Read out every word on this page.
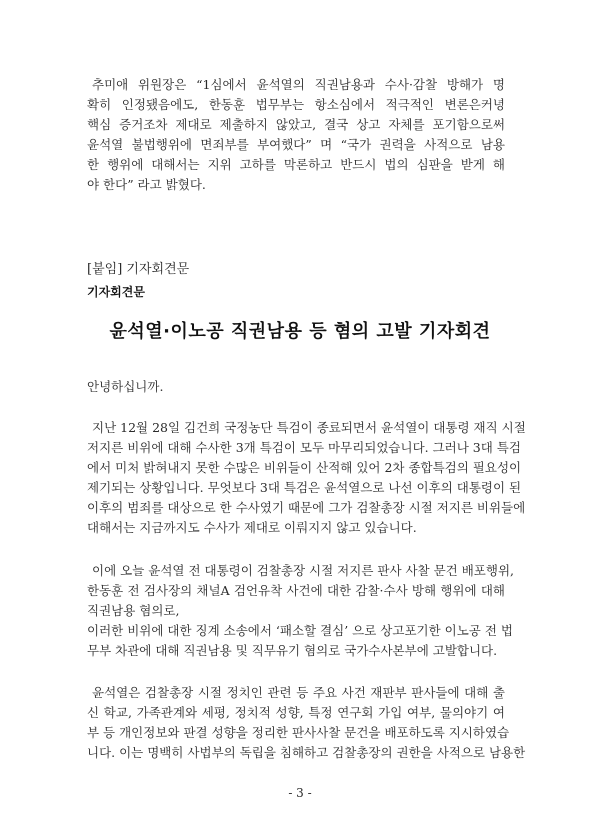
추미애 위원장은 “1심에서 윤석열의 직권남용과 수사·감찰 방해가 명
확히 인정됐음에도, 한동훈 법무부는 항소심에서 적극적인 변론은커녕
핵심 증거조차 제대로 제출하지 않았고, 결국 상고 자체를 포기함으로써
윤석열 불법행위에 면죄부를 부여했다” 며 “국가 권력을 사적으로 남용
한 행위에 대해서는 지위 고하를 막론하고 반드시 법의 심판을 받게 해
야 한다” 라고 밝혔다.
[붙임] 기자회견문
기자회견문
윤석열·이노공 직권남용 등 혐의 고발 기자회견
안녕하십니까.
지난 12월 28일 김건희 국정농단 특검이 종료되면서 윤석열이 대통령 재직 시절
저지른 비위에 대해 수사한 3개 특검이 모두 마무리되었습니다. 그러나 3대 특검
에서 미처 밝혀내지 못한 수많은 비위들이 산적해 있어 2차 종합특검의 필요성이
제기되는 상황입니다. 무엇보다 3대 특검은 윤석열으로 나선 이후의 대통령이 된
이후의 범죄를 대상으로 한 수사였기 때문에 그가 검찰총장 시절 저지른 비위들에
대해서는 지금까지도 수사가 제대로 이뤄지지 않고 있습니다.
이에 오늘 윤석열 전 대통령이 검찰총장 시절 저지른 판사 사찰 문건 배포행위,
한동훈 전 검사장의 채널A 검언유착 사건에 대한 감찰·수사 방해 행위에 대해
직권남용 혐의로,
이러한 비위에 대한 징계 소송에서 ‘패소할 결심’ 으로 상고포기한 이노공 전 법
무부 차관에 대해 직권남용 및 직무유기 혐의로 국가수사본부에 고발합니다.
윤석열은 검찰총장 시절 정치인 관련 등 주요 사건 재판부 판사들에 대해 출
신 학교, 가족관계와 세평, 정치적 성향, 특정 연구회 가입 여부, 물의야기 여
부 등 개인정보와 판결 성향을 정리한 판사사찰 문건을 배포하도록 지시하였습
니다. 이는 명백히 사법부의 독립을 침해하고 검찰총장의 권한을 사적으로 남용한
- 3 -
